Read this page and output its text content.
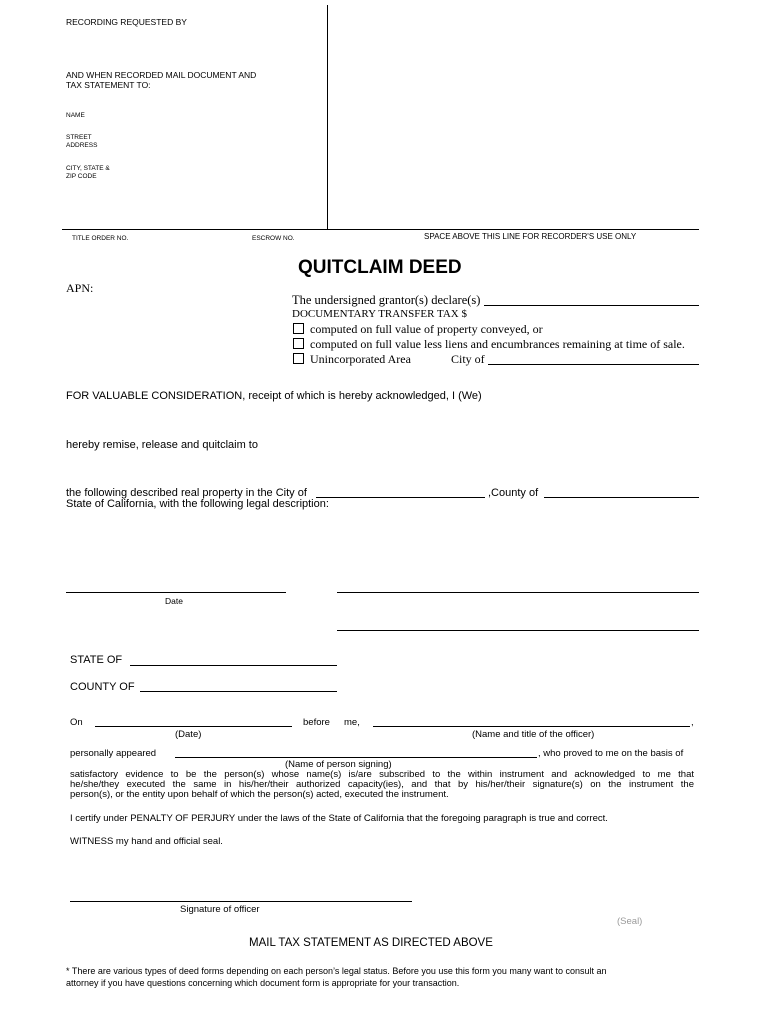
RECORDING REQUESTED BY
AND WHEN RECORDED MAIL DOCUMENT AND
TAX STATEMENT TO:
NAME
STREET
ADDRESS
CITY, STATE &
ZIP CODE
TITLE ORDER NO.	ESCROW NO.	SPACE ABOVE THIS LINE FOR RECORDER'S USE ONLY
QUITCLAIM DEED
APN:
The undersigned grantor(s) declare(s)
DOCUMENTARY TRANSFER TAX $
computed on full value of property conveyed, or
computed on full value less liens and encumbrances remaining at time of sale.
Unincorporated Area	City of
FOR VALUABLE CONSIDERATION, receipt of which is hereby acknowledged, I (We)
hereby remise, release and quitclaim to
the following described real property in the City of	,County of
State of California, with the following legal description:
Date
STATE OF
COUNTY OF
On	before me,	,
(Date)	(Name and title of the officer)
personally appeared	, who proved to me on the basis of
(Name of person signing)
satisfactory evidence to be the person(s) whose name(s) is/are subscribed to the within instrument and acknowledged to me that
he/she/they executed the same in his/her/their authorized capacity(ies), and that by his/her/their signature(s) on the instrument the
person(s), or the entity upon behalf of which the person(s) acted, executed the instrument.
I certify under PENALTY OF PERJURY under the laws of the State of California that the foregoing paragraph is true and correct.
WITNESS my hand and official seal.
Signature of officer
(Seal)
MAIL TAX STATEMENT AS DIRECTED ABOVE
* There are various types of deed forms depending on each person’s legal status. Before you use this form you many want to consult an
attorney if you have questions concerning which document form is appropriate for your transaction.
